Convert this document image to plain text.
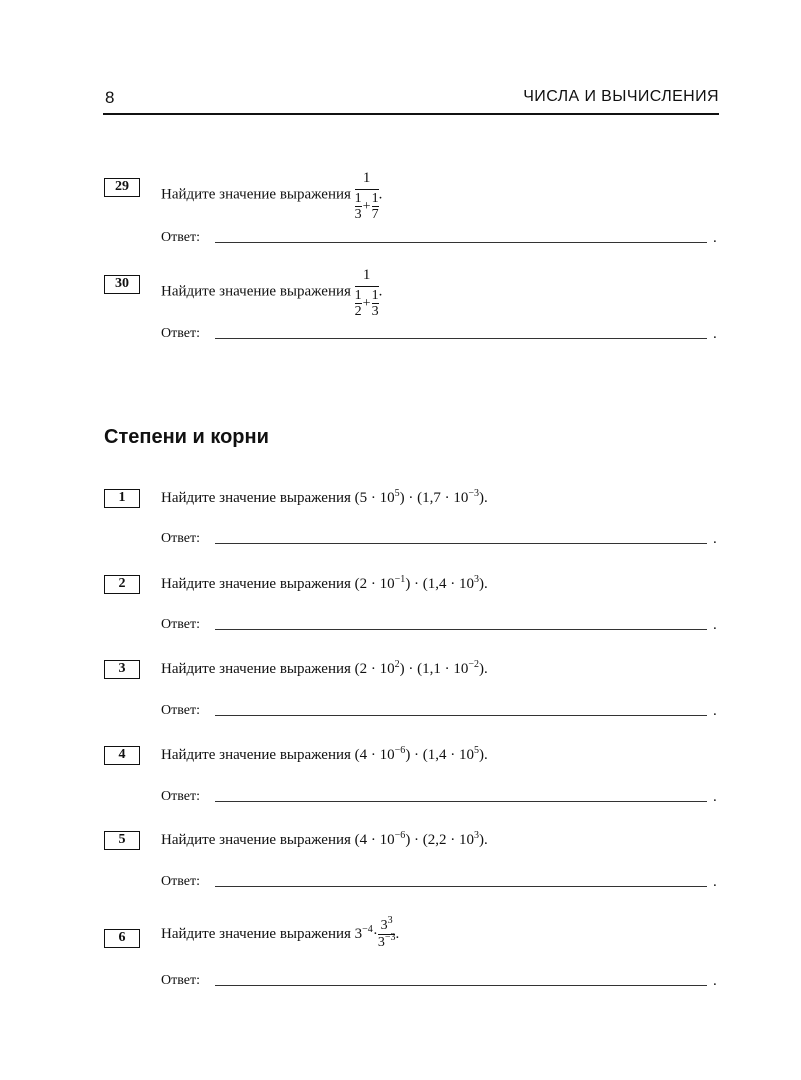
8	ЧИСЛА И ВЫЧИСЛЕНИЯ
29	Найдите значение выражения $\frac{1}{\frac{1}{3} + \frac{1}{7}}$ .
Ответ:	.
30	Найдите значение выражения $\frac{1}{\frac{1}{2} + \frac{1}{3}}$ .
Ответ:	.
Степени и корни
1	Найдите значение выражения $(5 \cdot 10^5) \cdot (1,7 \cdot 10^{-3})$.
Ответ:	.
2	Найдите значение выражения $(2 \cdot 10^{-1}) \cdot (1,4 \cdot 10^3)$.
Ответ:	.
3	Найдите значение выражения $(2 \cdot 10^2) \cdot (1,1 \cdot 10^{-2})$.
Ответ:	.
4	Найдите значение выражения $(4 \cdot 10^{-6}) \cdot (1,4 \cdot 10^5)$.
Ответ:	.
5	Найдите значение выражения $(4 \cdot 10^{-6}) \cdot (2,2 \cdot 10^3)$.
Ответ:	.
6	Найдите значение выражения $3^{-4}\cdot \frac{3^3}{3^{-3}}$ .
Ответ:	.
